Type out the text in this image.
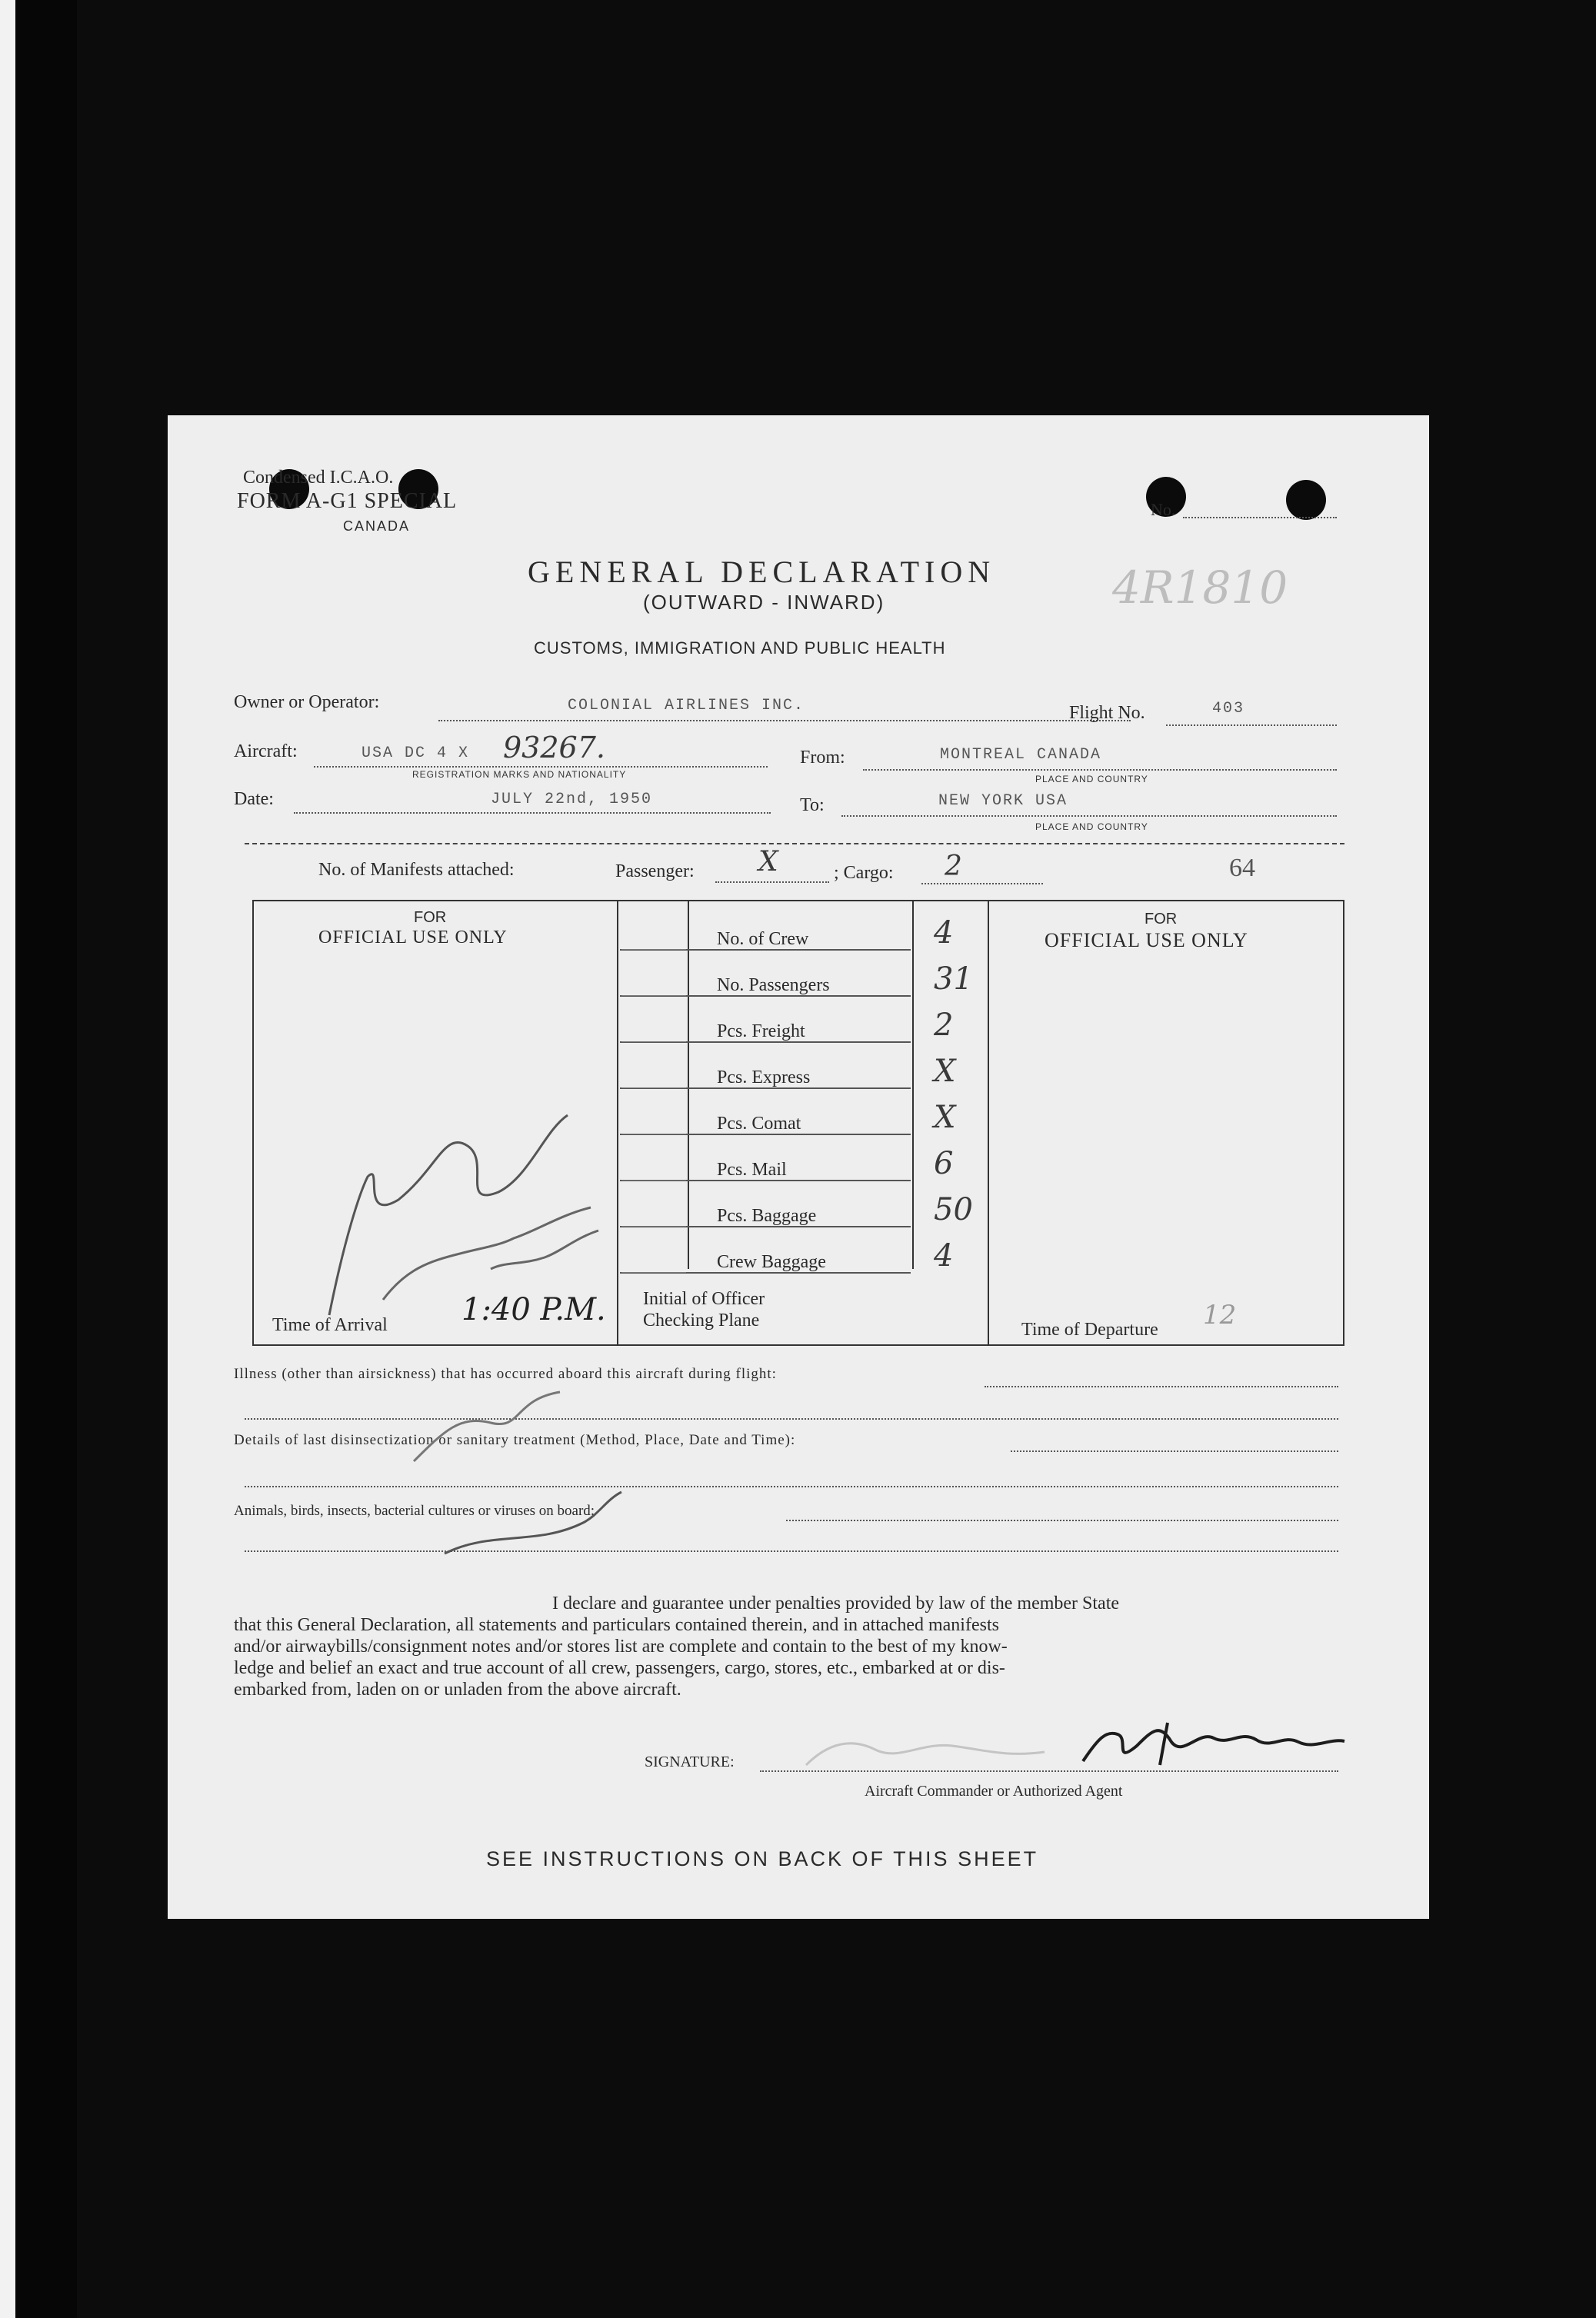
Condensed I.C.A.O.
FORM A-G1 SPECIAL
CANADA
No.
GENERAL DECLARATION
(OUTWARD - INWARD)	4R1810
CUSTOMS, IMMIGRATION AND PUBLIC HEALTH
Owner or Operator:	COLONIAL AIRLINES INC.	Flight No.	403
Aircraft:	USA DC 4 X 93267.
REGISTRATION MARKS AND NATIONALITY
From:	MONTREAL CANADA
PLACE AND COUNTRY
Date:	JULY 22nd, 1950	To:	NEW YORK USA
PLACE AND COUNTRY
No. of Manifests attached:	Passenger: X	; Cargo: 2	64
FOR
OFFICIAL USE ONLY
Time of Arrival 1:40 P.M.
No. of Crew	4
No. Passengers	31
Pcs. Freight	2
Pcs. Express	X
Pcs. Comat	X
Pcs. Mail	6
Pcs. Baggage	50
Crew Baggage	4
Initial of Officer
Checking Plane
FOR
OFFICIAL USE ONLY
Time of Departure 12
Illness (other than airsickness) that has occurred aboard this aircraft during flight:
Details of last disinsectization or sanitary treatment (Method, Place, Date and Time):
Animals, birds, insects, bacterial cultures or viruses on board:
I declare and guarantee under penalties provided by law of the member State
that this General Declaration, all statements and particulars contained therein, and in attached manifests
and/or airwaybills/consignment notes and/or stores list are complete and contain to the best of my know-
ledge and belief an exact and true account of all crew, passengers, cargo, stores, etc., embarked at or dis-
embarked from, laden on or unladen from the above aircraft.
SIGNATURE:
Aircraft Commander or Authorized Agent
SEE INSTRUCTIONS ON BACK OF THIS SHEET
